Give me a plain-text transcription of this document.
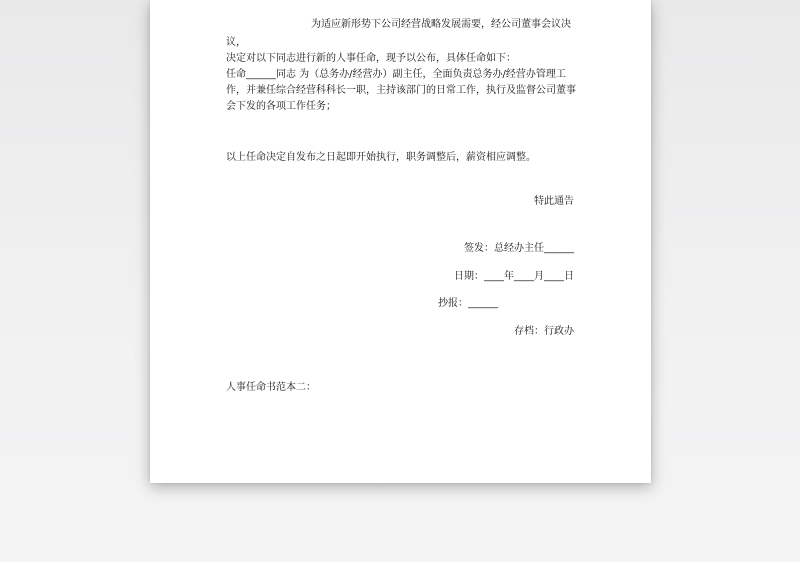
为适应新形势下公司经营战略发展需要，经公司董事会议决
议，
决定对以下同志进行新的人事任命，现予以公布，具体任命如下：
任命______同志 为（总务办/经营办）副主任，全面负责总务办/经营办管理工
作，并兼任综合经营科科长一职，主持该部门的日常工作，执行及监督公司董事
会下发的各项工作任务；
以上任命决定自发布之日起即开始执行，职务调整后，薪资相应调整。
特此通告
签发：总经办主任______
日期：____年____月____日
抄报：______
存档：行政办
人事任命书范本二：
